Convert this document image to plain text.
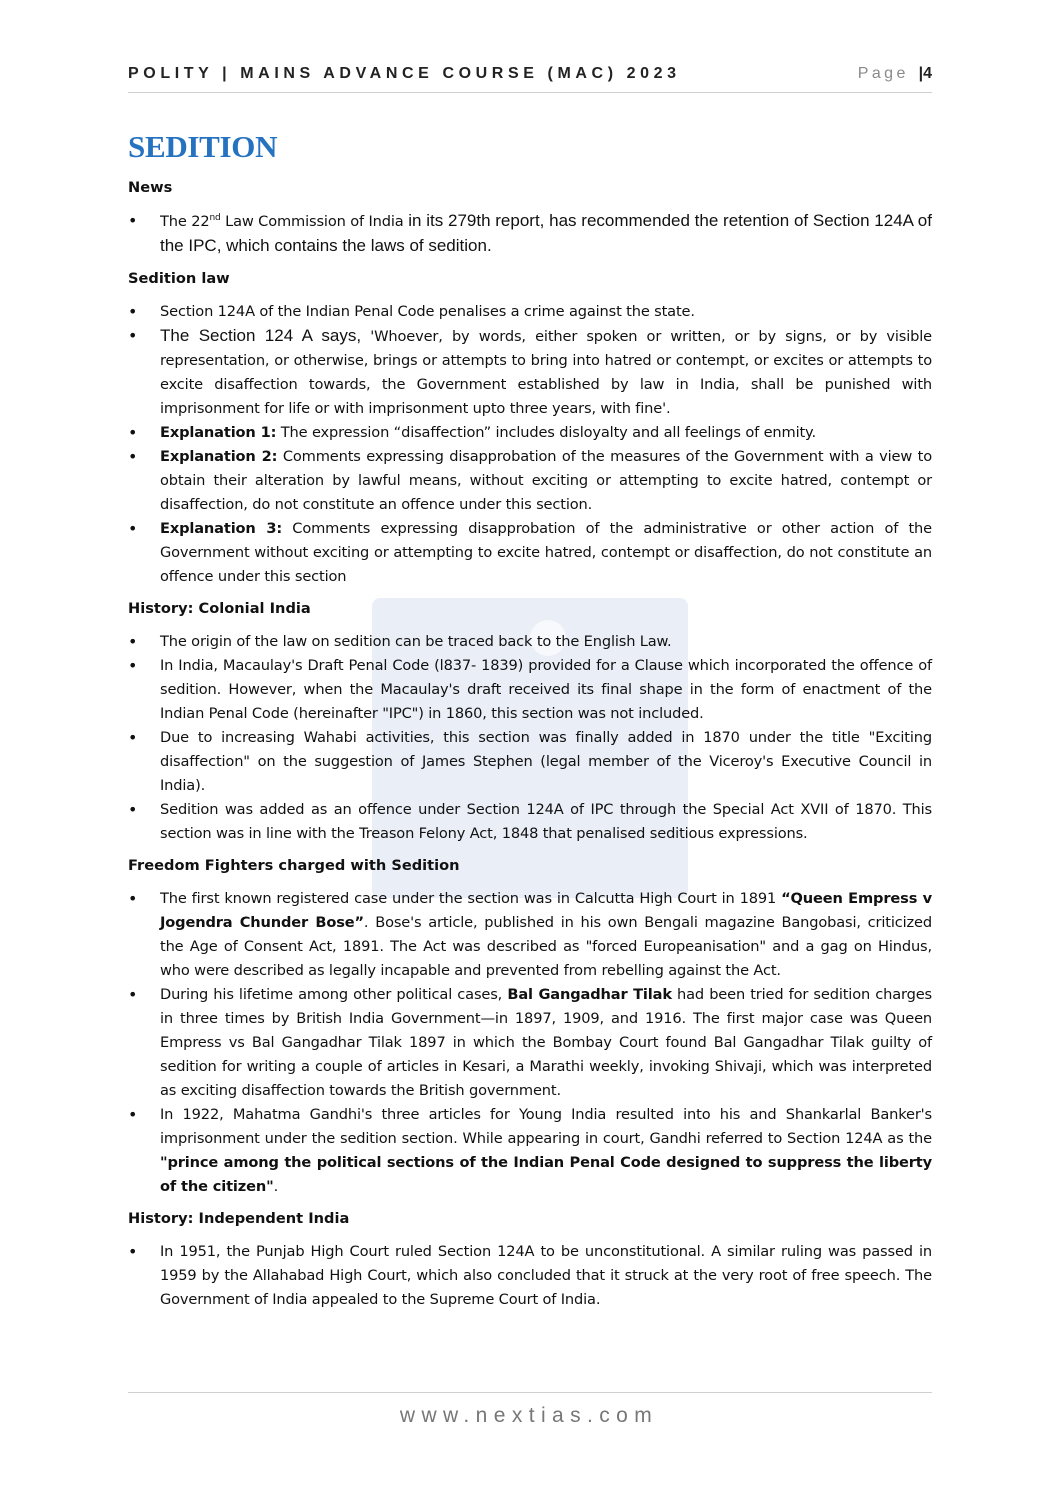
POLITY | MAINS ADVANCE COURSE (MAC) 2023	Page |4
SEDITION
News
• The 22nd Law Commission of India in its 279th report, has recommended the retention of Section 124A of the IPC, which contains the laws of sedition.
Sedition law
• Section 124A of the Indian Penal Code penalises a crime against the state.
• The Section 124 A says, 'Whoever, by words, either spoken or written, or by signs, or by visible representation, or otherwise, brings or attempts to bring into hatred or contempt, or excites or attempts to excite disaffection towards, the Government established by law in India, shall be punished with imprisonment for life or with imprisonment upto three years, with fine'.
• Explanation 1: The expression “disaffection” includes disloyalty and all feelings of enmity.
• Explanation 2: Comments expressing disapprobation of the measures of the Government with a view to obtain their alteration by lawful means, without exciting or attempting to excite hatred, contempt or disaffection, do not constitute an offence under this section.
• Explanation 3: Comments expressing disapprobation of the administrative or other action of the Government without exciting or attempting to excite hatred, contempt or disaffection, do not constitute an offence under this section
History: Colonial India
• The origin of the law on sedition can be traced back to the English Law.
• In India, Macaulay's Draft Penal Code (l837- 1839) provided for a Clause which incorporated the offence of sedition. However, when the Macaulay's draft received its final shape in the form of enactment of the Indian Penal Code (hereinafter "IPC") in 1860, this section was not included.
• Due to increasing Wahabi activities, this section was finally added in 1870 under the title "Exciting disaffection" on the suggestion of James Stephen (legal member of the Viceroy's Executive Council in India).
• Sedition was added as an offence under Section 124A of IPC through the Special Act XVII of 1870. This section was in line with the Treason Felony Act, 1848 that penalised seditious expressions.
Freedom Fighters charged with Sedition
• The first known registered case under the section was in Calcutta High Court in 1891 “Queen Empress v Jogendra Chunder Bose”. Bose's article, published in his own Bengali magazine Bangobasi, criticized the Age of Consent Act, 1891. The Act was described as "forced Europeanisation" and a gag on Hindus, who were described as legally incapable and prevented from rebelling against the Act.
• During his lifetime among other political cases, Bal Gangadhar Tilak had been tried for sedition charges in three times by British India Government—in 1897, 1909, and 1916. The first major case was Queen Empress vs Bal Gangadhar Tilak 1897 in which the Bombay Court found Bal Gangadhar Tilak guilty of sedition for writing a couple of articles in Kesari, a Marathi weekly, invoking Shivaji, which was interpreted as exciting disaffection towards the British government.
• In 1922, Mahatma Gandhi's three articles for Young India resulted into his and Shankarlal Banker's imprisonment under the sedition section. While appearing in court, Gandhi referred to Section 124A as the "prince among the political sections of the Indian Penal Code designed to suppress the liberty of the citizen".
History: Independent India
• In 1951, the Punjab High Court ruled Section 124A to be unconstitutional. A similar ruling was passed in 1959 by the Allahabad High Court, which also concluded that it struck at the very root of free speech. The Government of India appealed to the Supreme Court of India.
www.nextias.com
